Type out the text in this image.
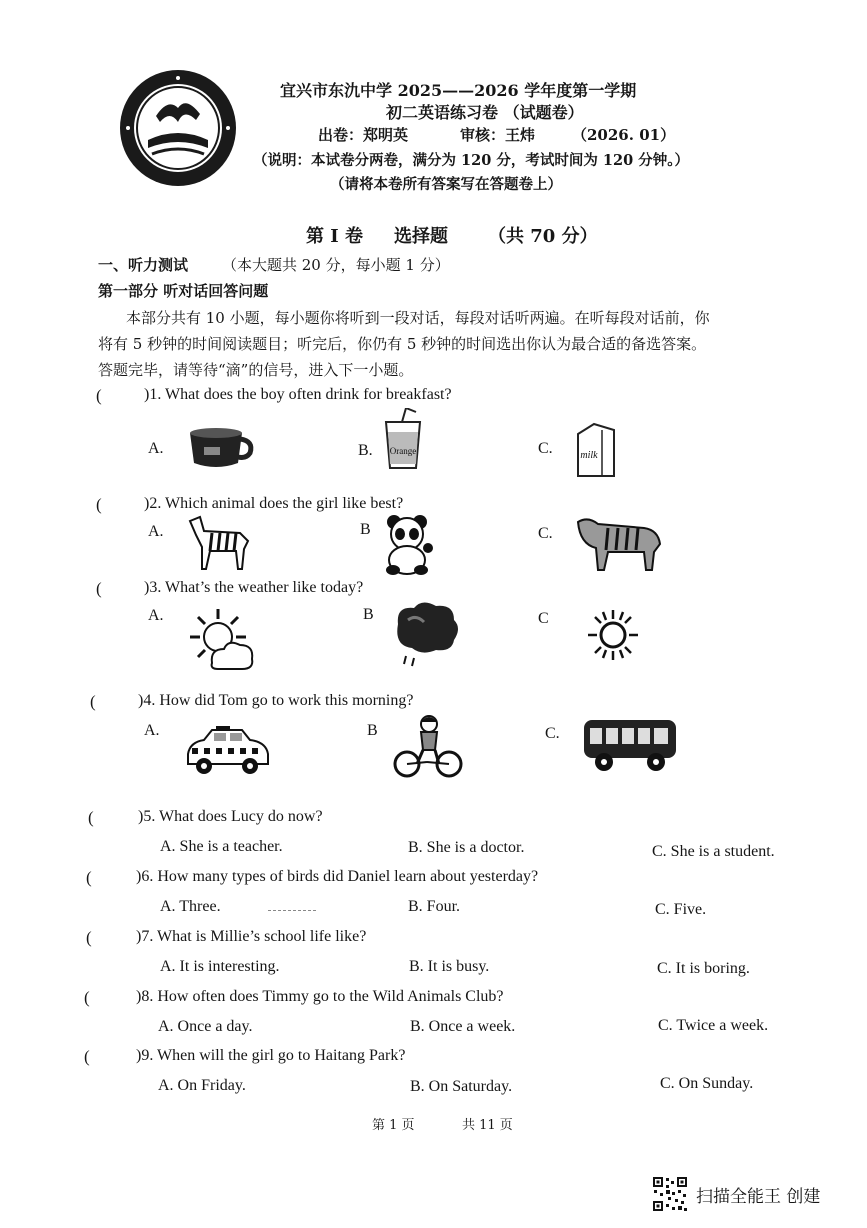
宜兴市东氿中学 2025——2026 学年度第一学期
初二英语练习卷 （试题卷）
出卷：郑明英	审核：王炜 （2026. 01）
（说明：本试卷分两卷，满分为 120 分，考试时间为 120 分钟。）
（请将本卷所有答案写在答题卷上）
第 I 卷 选择题 （共 70 分）
一、听力测试 （本大题共 20 分，每小题 1 分）
第一部分 听对话回答问题
本部分共有 10 小题，每小题你将听到一段对话，每段对话听两遍。在听每段对话前，你
将有 5 秒钟的时间阅读题目；听完后，你仍有 5 秒钟的时间选出你认为最合适的备选答案。
答题完毕，请等待“滴”的信号，进入下一小题。
(	)1. What does the boy often drink for breakfast?
A.	B.	C.
Orange	milk
(	)2. Which animal does the girl like best?
A.	B	C.
(	)3. What’s the weather like today?
A.	B	C
(	)4. How did Tom go to work this morning?
A.	B	C.
(	)5. What does Lucy do now?
A. She is a teacher.	B. She is a doctor.	C. She is a student.
(	)6. How many types of birds did Daniel learn about yesterday?
A. Three.	B. Four.	C. Five.
(	)7. What is Millie’s school life like?
A. It is interesting.	B. It is busy.	C. It is boring.
(	)8. How often does Timmy go to the Wild Animals Club?
A. Once a day.	B. Once a week.	C. Twice a week.
(	)9. When will the girl go to Haitang Park?
A. On Friday.	B. On Saturday.	C. On Sunday.
第 1 页	共 11 页
扫描全能王 创建
